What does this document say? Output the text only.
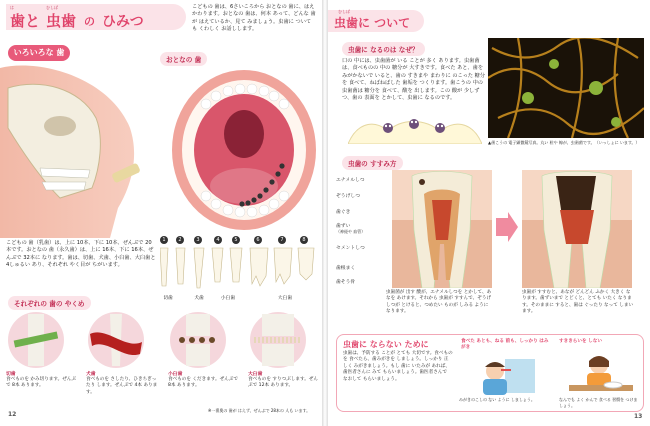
は	むしば
歯と 虫歯 の ひみつ
こどもの 歯は、6さいころから おとなの 歯に、はえかわります。おとなの 歯は、何本 あって、どんな 歯が はえているか、見て みましょう。虫歯に ついても くわしく お話しします。
いろいろな 歯
おとなの 歯
こどもの 歯（乳歯）は、上に 10本、下に 10本、ぜんぶで 20本です。おとなの 歯（永久歯）は、上に 16本、下に 16本、ぜんぶで 32本に なります。歯は、切歯、犬歯、小臼歯、大臼歯と 4しゅるい あり、それぞれ やく目が ちがいます。
1	2	3	4	5	6	7	8
切歯	犬歯	小臼歯	大臼歯
それぞれの 歯の やくめ
切歯
食べものを かみ切ります。ぜんぶで 8本 あります。
犬歯
食べものを さしたり、ひきちぎったり します。ぜんぶで 4本 あります。
小臼歯
食べものを くだきます。ぜんぶで 8本 あります。
大臼歯
食べものを すりつぶします。ぜんぶで 12本 あります。
※一番奥の 歯が はえず、ぜんぶで 28本の 人も います。
12
むしば
虫歯に ついて
虫歯に なるのは なぜ？
口の 中には、虫歯菌が いる ことが 多く あります。虫歯菌は、食べものの 中の 糖分が 大すきです。食べた あと、歯を みがかないで いると、歯の すきまや まわりに のこった 糖分を 食べて、ねばねばした 歯垢を つくります。歯こうの 中の 虫歯菌は 糖分を 食べて、酸を 出します。この 酸が 少しずつ、歯の 表面を とかして、虫歯に なるのです。
▲歯こうの 電子顕微鏡写真。丸い 粒や 線が、虫歯菌です。（いっしょに います。）
虫歯の すすみ方
エナメルしつ
ぞうげしつ
歯ぐき
歯ずい
（神経や 血管）
セメントしつ
歯根まく
歯そう骨
虫歯菌が 出す 酸が、エナメルしつを とかして、あなを あけます。それから 虫歯が すすんで、ぞうげしつが とけると、つめたい ものが しみる ように なります。
虫歯が すすむと、あなが どんどん ふかく 大きく なります。歯ずいまで とどくと、とても いたく なります。そのままに すると、歯は ぐったり なって しまいます。
虫歯に ならない ために
虫歯は、予防する ことが とても 大切です。食べものを 食べたら、歯みがきを しましょう。しっかり 正しく みがきましょう。もし 歯に いたみが あれば、歯医者さんに みて もらいましょう。歯医者さんで なおして もらいましょう。
食べた あとも、ねる 前も、しっかり はみがき
みがきのこしの ない ように しましょう。
すききらいを しない
なんでも よく かんで 食べる 習慣を つけましょう。
13
